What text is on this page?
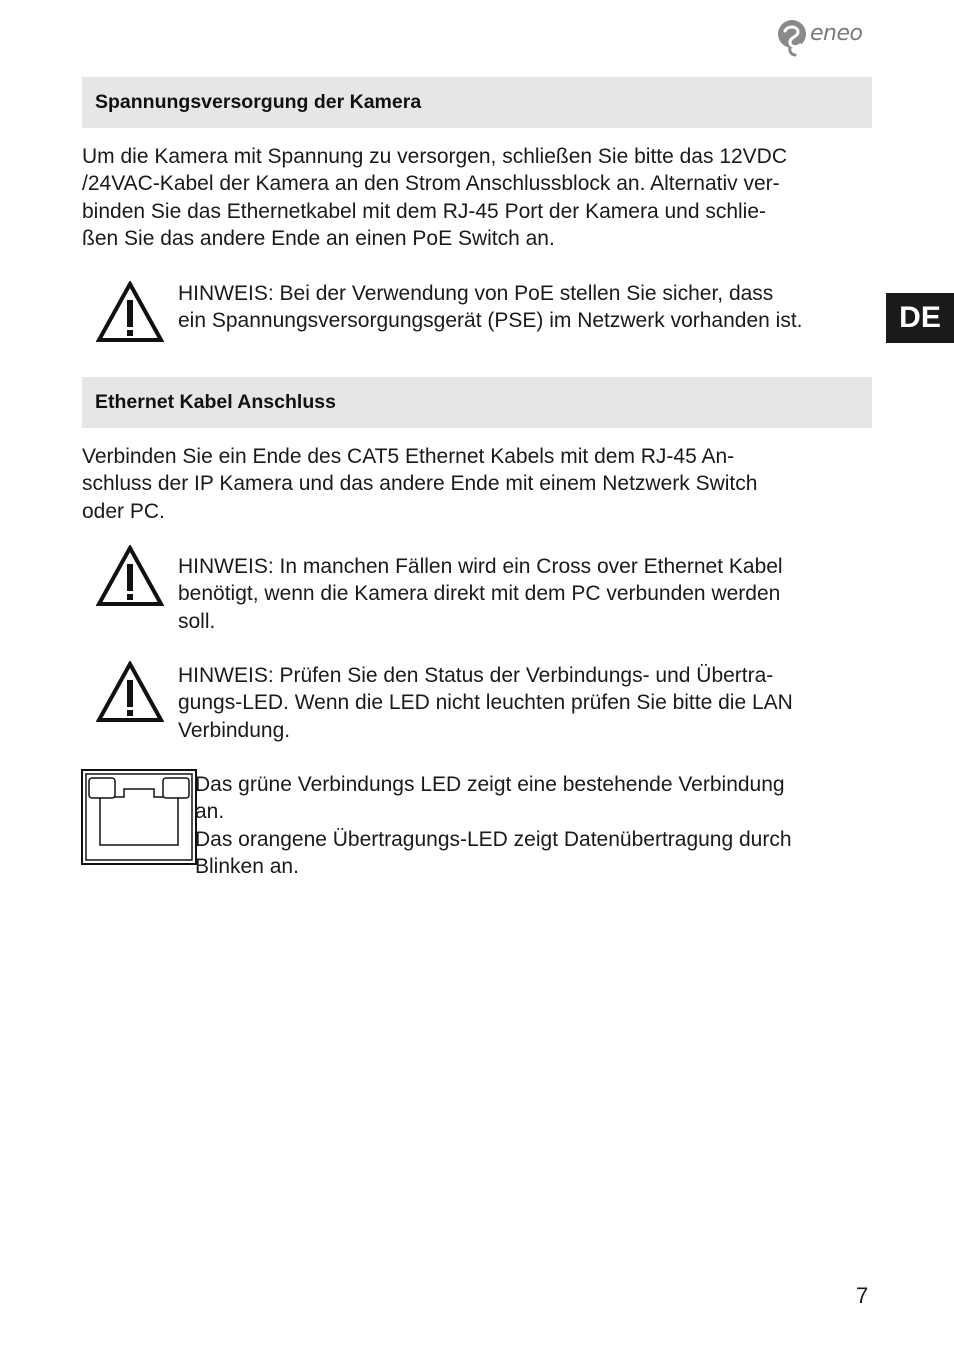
eneo
Spannungsversorgung der Kamera

Um die Kamera mit Spannung zu versorgen, schließen Sie bitte das 12VDC
/24VAC-Kabel der Kamera an den Strom Anschlussblock an. Alternativ ver-
binden Sie das Ethernetkabel mit dem RJ-45 Port der Kamera und schlie-
ßen Sie das andere Ende an einen PoE Switch an.

HINWEIS: Bei der Verwendung von PoE stellen Sie sicher, dass
ein Spannungsversorgungsgerät (PSE) im Netzwerk vorhanden ist.	DE
Ethernet Kabel Anschluss

Verbinden Sie ein Ende des CAT5 Ethernet Kabels mit dem RJ-45 An-
schluss der IP Kamera und das andere Ende mit einem Netzwerk Switch
oder PC.

HINWEIS: In manchen Fällen wird ein Cross over Ethernet Kabel
benötigt, wenn die Kamera direkt mit dem PC verbunden werden
soll.

HINWEIS: Prüfen Sie den Status der Verbindungs- und Übertra-
gungs-LED. Wenn die LED nicht leuchten prüfen Sie bitte die LAN
Verbindung.

Das grüne Verbindungs LED zeigt eine bestehende Verbindung
an.
Das orangene Übertragungs-LED zeigt Datenübertragung durch
Blinken an.

7
